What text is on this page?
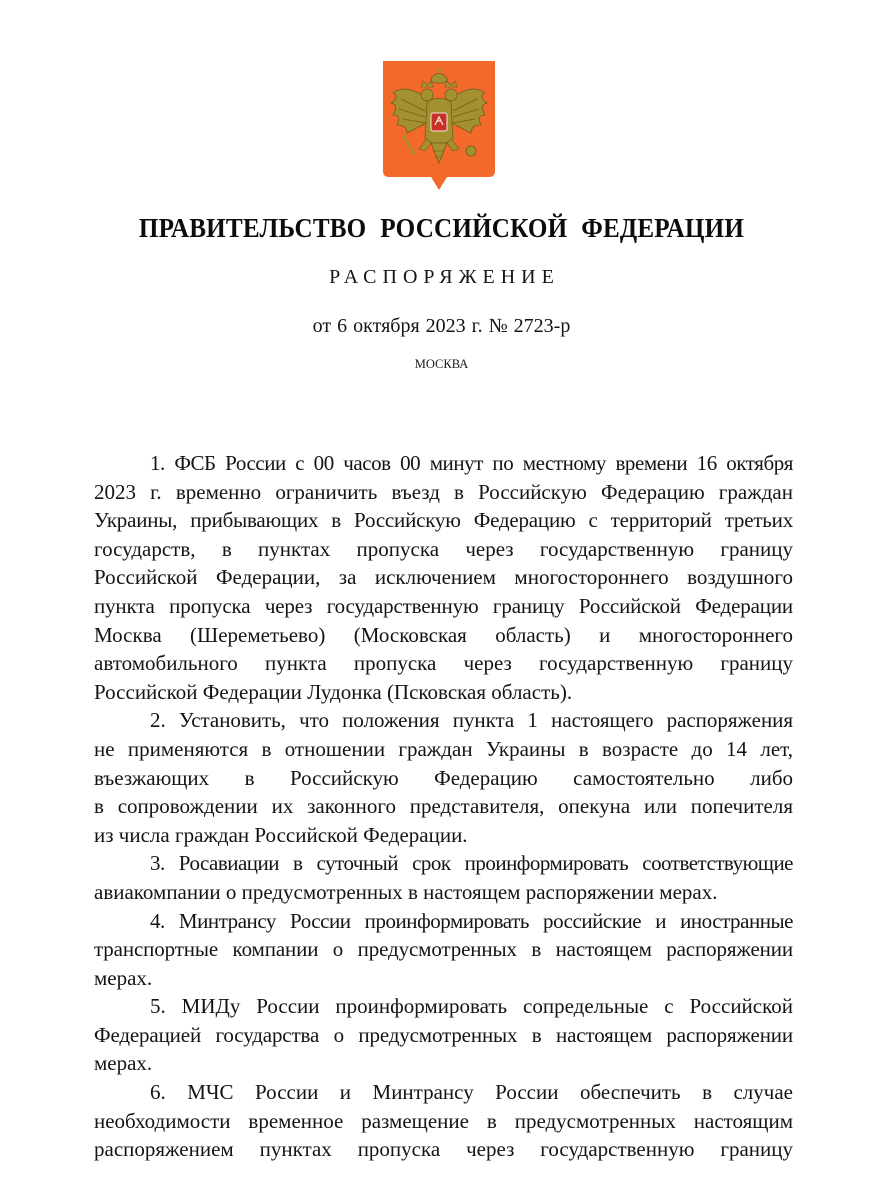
ПРАВИТЕЛЬСТВО РОССИЙСКОЙ ФЕДЕРАЦИИ
РАСПОРЯЖЕНИЕ
от 6 октября 2023 г. № 2723-р
МОСКВА

1. ФСБ России с 00 часов 00 минут по местному времени 16 октября
2023 г. временно ограничить въезд в Российскую Федерацию граждан
Украины, прибывающих в Российскую Федерацию с территорий третьих
государств, в пунктах пропуска через государственную границу
Российской Федерации, за исключением многостороннего воздушного
пункта пропуска через государственную границу Российской Федерации
Москва (Шереметьево) (Московская область) и многостороннего
автомобильного пункта пропуска через государственную границу
Российской Федерации Лудонка (Псковская область).

2. Установить, что положения пункта 1 настоящего распоряжения
не применяются в отношении граждан Украины в возрасте до 14 лет,
въезжающих в Российскую Федерацию самостоятельно либо
в сопровождении их законного представителя, опекуна или попечителя
из числа граждан Российской Федерации.

3. Росавиации в суточный срок проинформировать соответствующие
авиакомпании о предусмотренных в настоящем распоряжении мерах.

4. Минтрансу России проинформировать российские и иностранные
транспортные компании о предусмотренных в настоящем распоряжении
мерах.

5. МИДу России проинформировать сопредельные с Российской
Федерацией государства о предусмотренных в настоящем распоряжении
мерах.

6. МЧС России и Минтрансу России обеспечить в случае
необходимости временное размещение в предусмотренных настоящим
распоряжением пунктах пропуска через государственную границу
